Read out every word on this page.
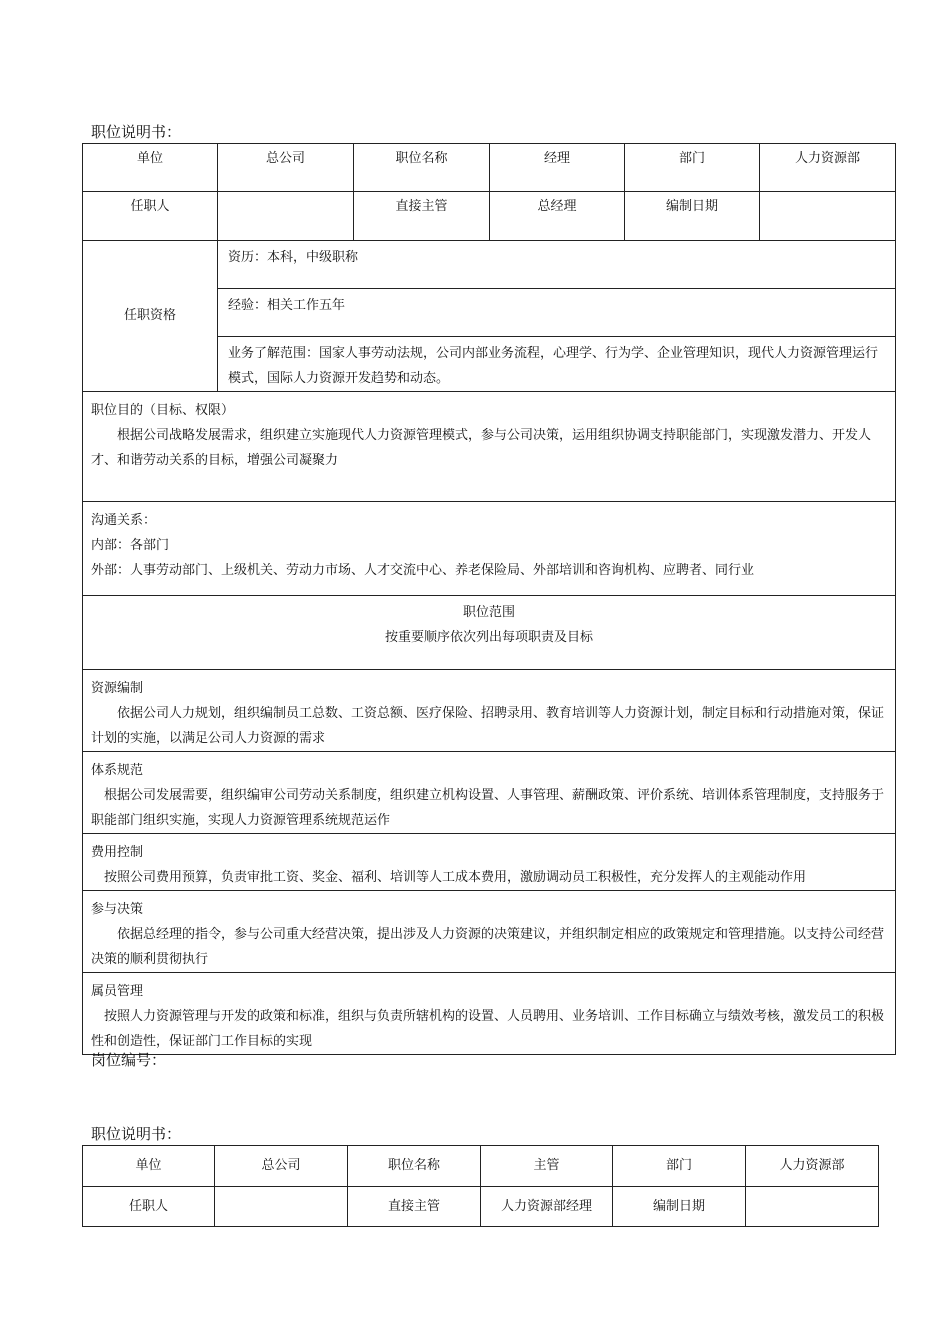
职位说明书：
单位	总公司	职位名称	经理	部门	人力资源部
任职人		直接主管	总经理	编制日期	
任职资格	资历：本科，中级职称				

	经验：相关工作五年				

	业务了解范围：国家人事劳动法规，公司内部业务流程，心理学、行为学、企业管理知识，现代人力资源管理运行模式，国际人力资源开发趋势和动态。				

职位目的（目标、权限）

根据公司战略发展需求，组织建立实施现代人力资源管理模式，参与公司决策，运用组织协调支持职能部门，实现激发潜力、开发人才、和谐劳动关系的目标，增强公司凝聚力					

沟通关系：

内部：各部门

外部：人事劳动部门、上级机关、劳动力市场、人才交流中心、养老保险局、外部培训和咨询机构、应聘者、同行业					

职位范围

按重要顺序依次列出每项职责及目标					

资源编制

依据公司人力规划，组织编制员工总数、工资总额、医疗保险、招聘录用、教育培训等人力资源计划，制定目标和行动措施对策，保证计划的实施，以满足公司人力资源的需求					

体系规范

根据公司发展需要，组织编审公司劳动关系制度，组织建立机构设置、人事管理、薪酬政策、评价系统、培训体系管理制度，支持服务于职能部门组织实施，实现人力资源管理系统规范运作					

费用控制

按照公司费用预算，负责审批工资、奖金、福利、培训等人工成本费用，激励调动员工积极性，充分发挥人的主观能动作用					

参与决策

依据总经理的指令，参与公司重大经营决策，提出涉及人力资源的决策建议，并组织制定相应的政策规定和管理措施。以支持公司经营决策的顺利贯彻执行					

属员管理

按照人力资源管理与开发的政策和标准，组织与负责所辖机构的设置、人员聘用、业务培训、工作目标确立与绩效考核，激发员工的积极性和创造性，保证部门工作目标的实现					

岗位编号：
职位说明书：
单位	总公司	职位名称	主管	部门	人力资源部
任职人		直接主管	人力资源部经理	编制日期	
